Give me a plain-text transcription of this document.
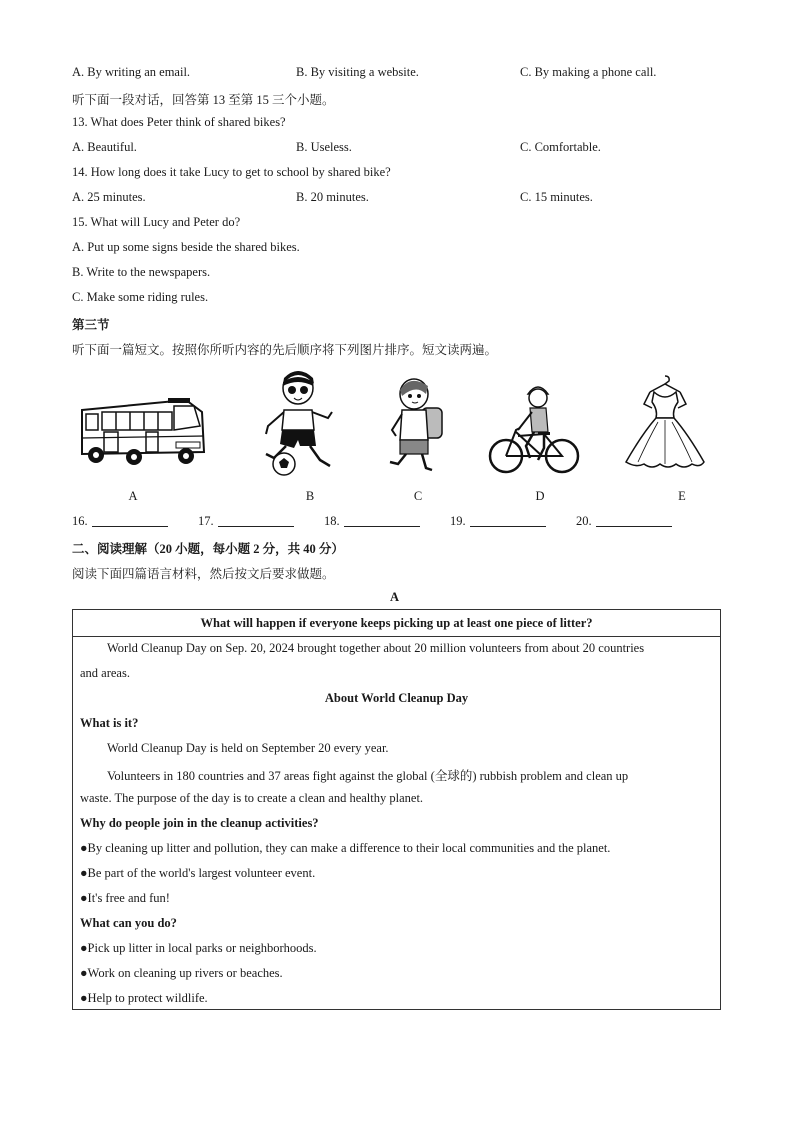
A. By writing an email.	B. By visiting a website.	C. By making a phone call.
听下面一段对话，回答第 13 至第 15 三个小题。
13. What does Peter think of shared bikes?
A. Beautiful.	B. Useless.	C. Comfortable.
14. How long does it take Lucy to get to school by shared bike?
A. 25 minutes.	B. 20 minutes.	C. 15 minutes.
15. What will Lucy and Peter do?
A. Put up some signs beside the shared bikes.
B. Write to the newspapers.
C. Make some riding rules.
第三节
听下面一篇短文。按照你所听内容的先后顺序将下列图片排序。短文读两遍。
A	B	C	D	E
16.	17.	18.	19.	20.
二、阅读理解（20 小题，每小题 2 分，共 40 分）
阅读下面四篇语言材料，然后按文后要求做题。
A
What will happen if everyone keeps picking up at least one piece of litter?
World Cleanup Day on Sep. 20, 2024 brought together about 20 million volunteers from about 20 countries
and areas.
About World Cleanup Day
What is it?
World Cleanup Day is held on September 20 every year.
Volunteers in 180 countries and 37 areas fight against the global (全球的) rubbish problem and clean up
waste. The purpose of the day is to create a clean and healthy planet.
Why do people join in the cleanup activities?
●By cleaning up litter and pollution, they can make a difference to their local communities and the planet.
●Be part of the world's largest volunteer event.
●It's free and fun!
What can you do?
●Pick up litter in local parks or neighborhoods.
●Work on cleaning up rivers or beaches.
●Help to protect wildlife.
